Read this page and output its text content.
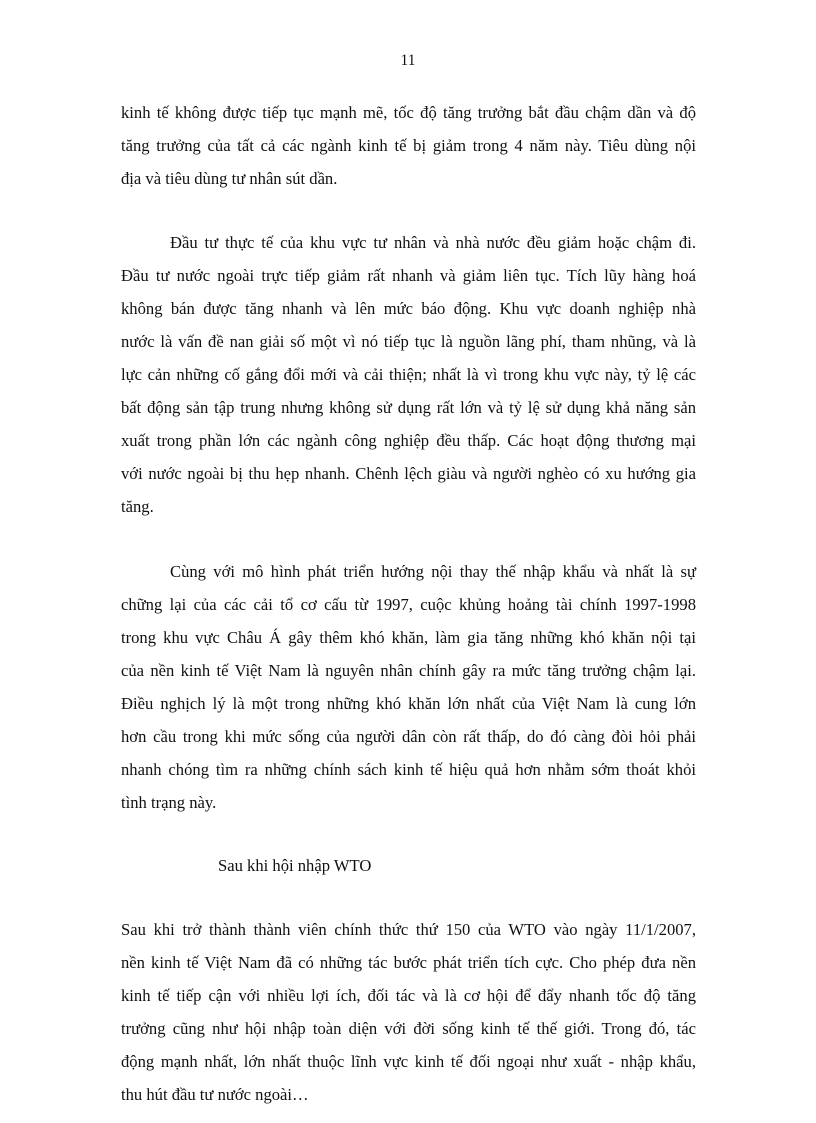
11
kinh tế không được tiếp tục mạnh mẽ, tốc độ tăng trưởng bắt đầu chậm dần và độ
tăng trưởng của tất cả các ngành kinh tế bị giảm trong 4 năm này. Tiêu dùng nội
địa và tiêu dùng tư nhân sút dần.
Đầu tư thực tế của khu vực tư nhân và nhà nước đều giảm hoặc chậm đi.
Đầu tư nước ngoài trực tiếp giảm rất nhanh và giảm liên tục. Tích lũy hàng hoá
không bán được tăng nhanh và lên mức báo động. Khu vực doanh nghiệp nhà
nước là vấn đề nan giải số một vì nó tiếp tục là nguồn lãng phí, tham nhũng, và là
lực cản những cố gắng đổi mới và cải thiện; nhất là vì trong khu vực này, tỷ lệ các
bất động sản tập trung nhưng không sử dụng rất lớn và tỷ lệ sử dụng khả năng sản
xuất trong phần lớn các ngành công nghiệp đều thấp. Các hoạt động thương mại
với nước ngoài bị thu hẹp nhanh. Chênh lệch giàu và người nghèo có xu hướng gia
tăng.
Cùng với mô hình phát triển hướng nội thay thế nhập khẩu và nhất là sự
chững lại của các cải tổ cơ cấu từ 1997, cuộc khủng hoảng tài chính 1997-1998
trong khu vực Châu Á gây thêm khó khăn, làm gia tăng những khó khăn nội tại
của nền kinh tế Việt Nam là nguyên nhân chính gây ra mức tăng trưởng chậm lại.
Điều nghịch lý là một trong những khó khăn lớn nhất của Việt Nam là cung lớn
hơn cầu trong khi mức sống của người dân còn rất thấp, do đó càng đòi hỏi phải
nhanh chóng tìm ra những chính sách kinh tế hiệu quả hơn nhằm sớm thoát khỏi
tình trạng này.
Sau khi hội nhập WTO
Sau khi trở thành thành viên chính thức thứ 150 của WTO vào ngày 11/1/2007,
nền kinh tế Việt Nam đã có những tác bước phát triển tích cực. Cho phép đưa nền
kinh tế tiếp cận với nhiều lợi ích, đối tác và là cơ hội để đẩy nhanh tốc độ tăng
trưởng cũng như hội nhập toàn diện với đời sống kinh tế thế giới. Trong đó, tác
động mạnh nhất, lớn nhất thuộc lĩnh vực kinh tế đối ngoại như xuất - nhập khẩu,
thu hút đầu tư nước ngoài…
